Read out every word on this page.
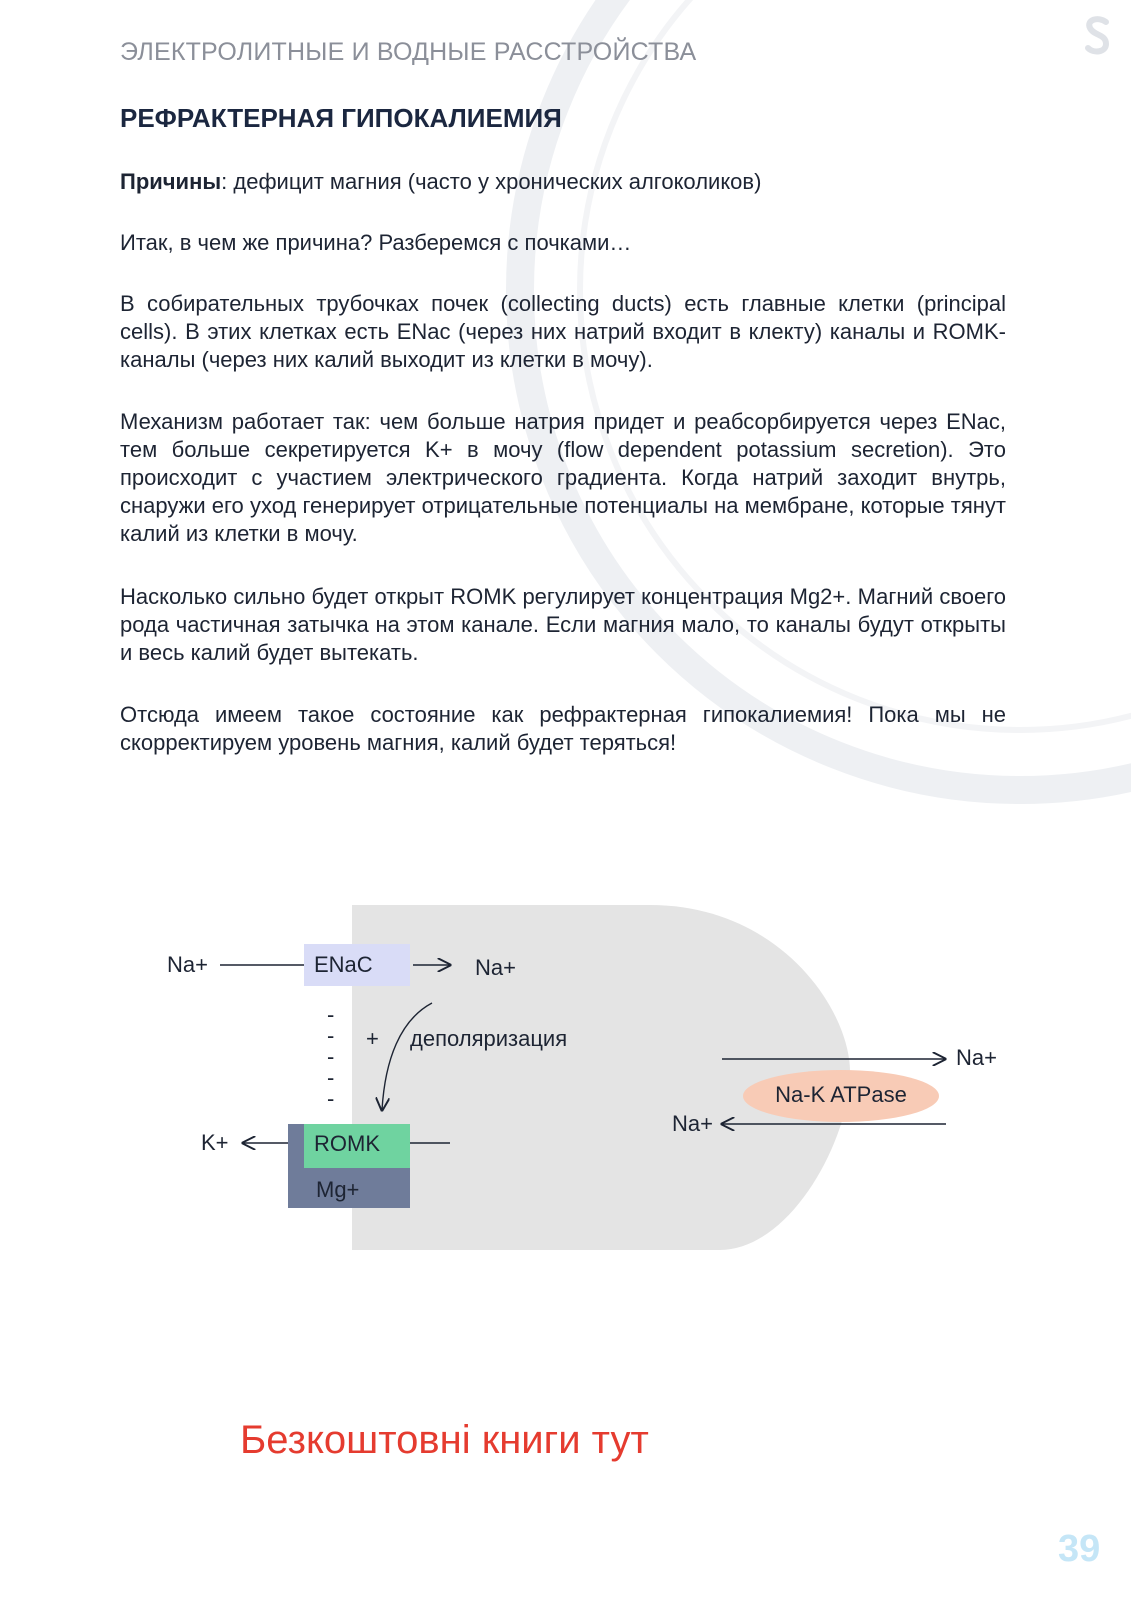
ЭЛЕКТРОЛИТНЫЕ И ВОДНЫЕ РАССТРОЙСТВА
РЕФРАКТЕРНАЯ ГИПОКАЛИЕМИЯ
Причины: дефицит магния (часто у хронических алгоколиков)
Итак, в чем же причина? Разберемся с почками…
В собирательных трубочках почек (collecting ducts) есть главные клетки (principal cells). В этих клетках есть ENac (через них натрий входит в клекту) каналы и ROMK-каналы (через них калий выходит из клетки в мочу).
Механизм работает так: чем больше натрия придет и реабсорбируется через ENac, тем больше секретируется K+ в мочу (flow dependent potassium secretion). Это происходит с участием электрического градиента. Когда натрий заходит внутрь, снаружи его уход генерирует отрицательные потенциалы на мембране, которые тянут калий из клетки в мочу.
Насколько сильно будет открыт ROMK регулирует концентрация Mg2+. Магний своего рода частичная затычка на этом канале. Если магния мало, то каналы будут открыты и весь калий будет вытекать.
Отсюда имеем такое состояние как рефрактерная гипокалиемия! Пока мы не скорректируем уровень магния, калий будет теряться!
Na+	ENaC	Na+
-
-
-
-
-
+ деполяризация
K+	ROMK
Mg+
Na+
Na-K ATPase
Na+
Безкоштовні книги тут
39
